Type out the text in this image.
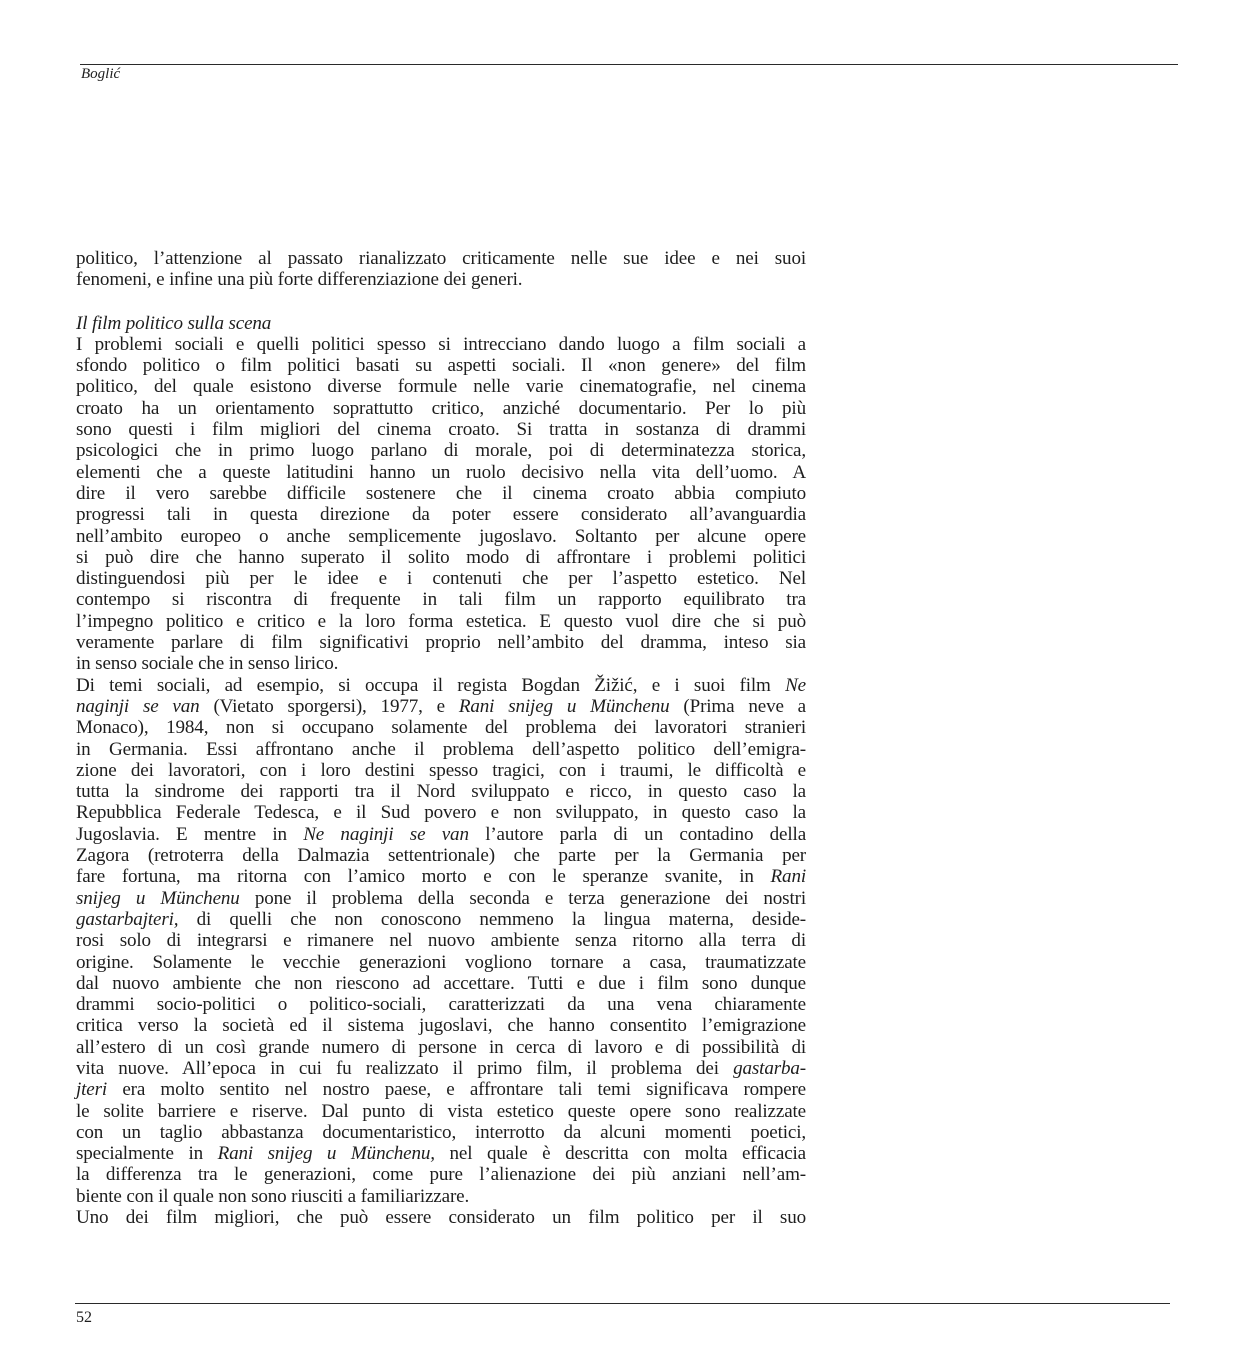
Boglić
politico, l’attenzione al passato rianalizzato criticamente nelle sue idee e nei suoi
fenomeni, e infine una più forte differenziazione dei generi.
Il film politico sulla scena
I problemi sociali e quelli politici spesso si intrecciano dando luogo a film sociali a
sfondo politico o film politici basati su aspetti sociali. Il «non genere» del film
politico, del quale esistono diverse formule nelle varie cinematografie, nel cinema
croato ha un orientamento soprattutto critico, anziché documentario. Per lo più
sono questi i film migliori del cinema croato. Si tratta in sostanza di drammi
psicologici che in primo luogo parlano di morale, poi di determinatezza storica,
elementi che a queste latitudini hanno un ruolo decisivo nella vita dell’uomo. A
dire il vero sarebbe difficile sostenere che il cinema croato abbia compiuto
progressi tali in questa direzione da poter essere considerato all’avanguardia
nell’ambito europeo o anche semplicemente jugoslavo. Soltanto per alcune opere
si può dire che hanno superato il solito modo di affrontare i problemi politici
distinguendosi più per le idee e i contenuti che per l’aspetto estetico. Nel
contempo si riscontra di frequente in tali film un rapporto equilibrato tra
l’impegno politico e critico e la loro forma estetica. E questo vuol dire che si può
veramente parlare di film significativi proprio nell’ambito del dramma, inteso sia
in senso sociale che in senso lirico.
Di temi sociali, ad esempio, si occupa il regista Bogdan Žižić, e i suoi film Ne
naginji se van (Vietato sporgersi), 1977, e Rani snijeg u Münchenu (Prima neve a
Monaco), 1984, non si occupano solamente del problema dei lavoratori stranieri
in Germania. Essi affrontano anche il problema dell’aspetto politico dell’emigra-
zione dei lavoratori, con i loro destini spesso tragici, con i traumi, le difficoltà e
tutta la sindrome dei rapporti tra il Nord sviluppato e ricco, in questo caso la
Repubblica Federale Tedesca, e il Sud povero e non sviluppato, in questo caso la
Jugoslavia. E mentre in Ne naginji se van l’autore parla di un contadino della
Zagora (retroterra della Dalmazia settentrionale) che parte per la Germania per
fare fortuna, ma ritorna con l’amico morto e con le speranze svanite, in Rani
snijeg u Münchenu pone il problema della seconda e terza generazione dei nostri
gastarbajteri, di quelli che non conoscono nemmeno la lingua materna, deside-
rosi solo di integrarsi e rimanere nel nuovo ambiente senza ritorno alla terra di
origine. Solamente le vecchie generazioni vogliono tornare a casa, traumatizzate
dal nuovo ambiente che non riescono ad accettare. Tutti e due i film sono dunque
drammi socio-politici o politico-sociali, caratterizzati da una vena chiaramente
critica verso la società ed il sistema jugoslavi, che hanno consentito l’emigrazione
all’estero di un così grande numero di persone in cerca di lavoro e di possibilità di
vita nuove. All’epoca in cui fu realizzato il primo film, il problema dei gastarba-
jteri era molto sentito nel nostro paese, e affrontare tali temi significava rompere
le solite barriere e riserve. Dal punto di vista estetico queste opere sono realizzate
con un taglio abbastanza documentaristico, interrotto da alcuni momenti poetici,
specialmente in Rani snijeg u Münchenu, nel quale è descritta con molta efficacia
la differenza tra le generazioni, come pure l’alienazione dei più anziani nell’am-
biente con il quale non sono riusciti a familiarizzare.
Uno dei film migliori, che può essere considerato un film politico per il suo
52
